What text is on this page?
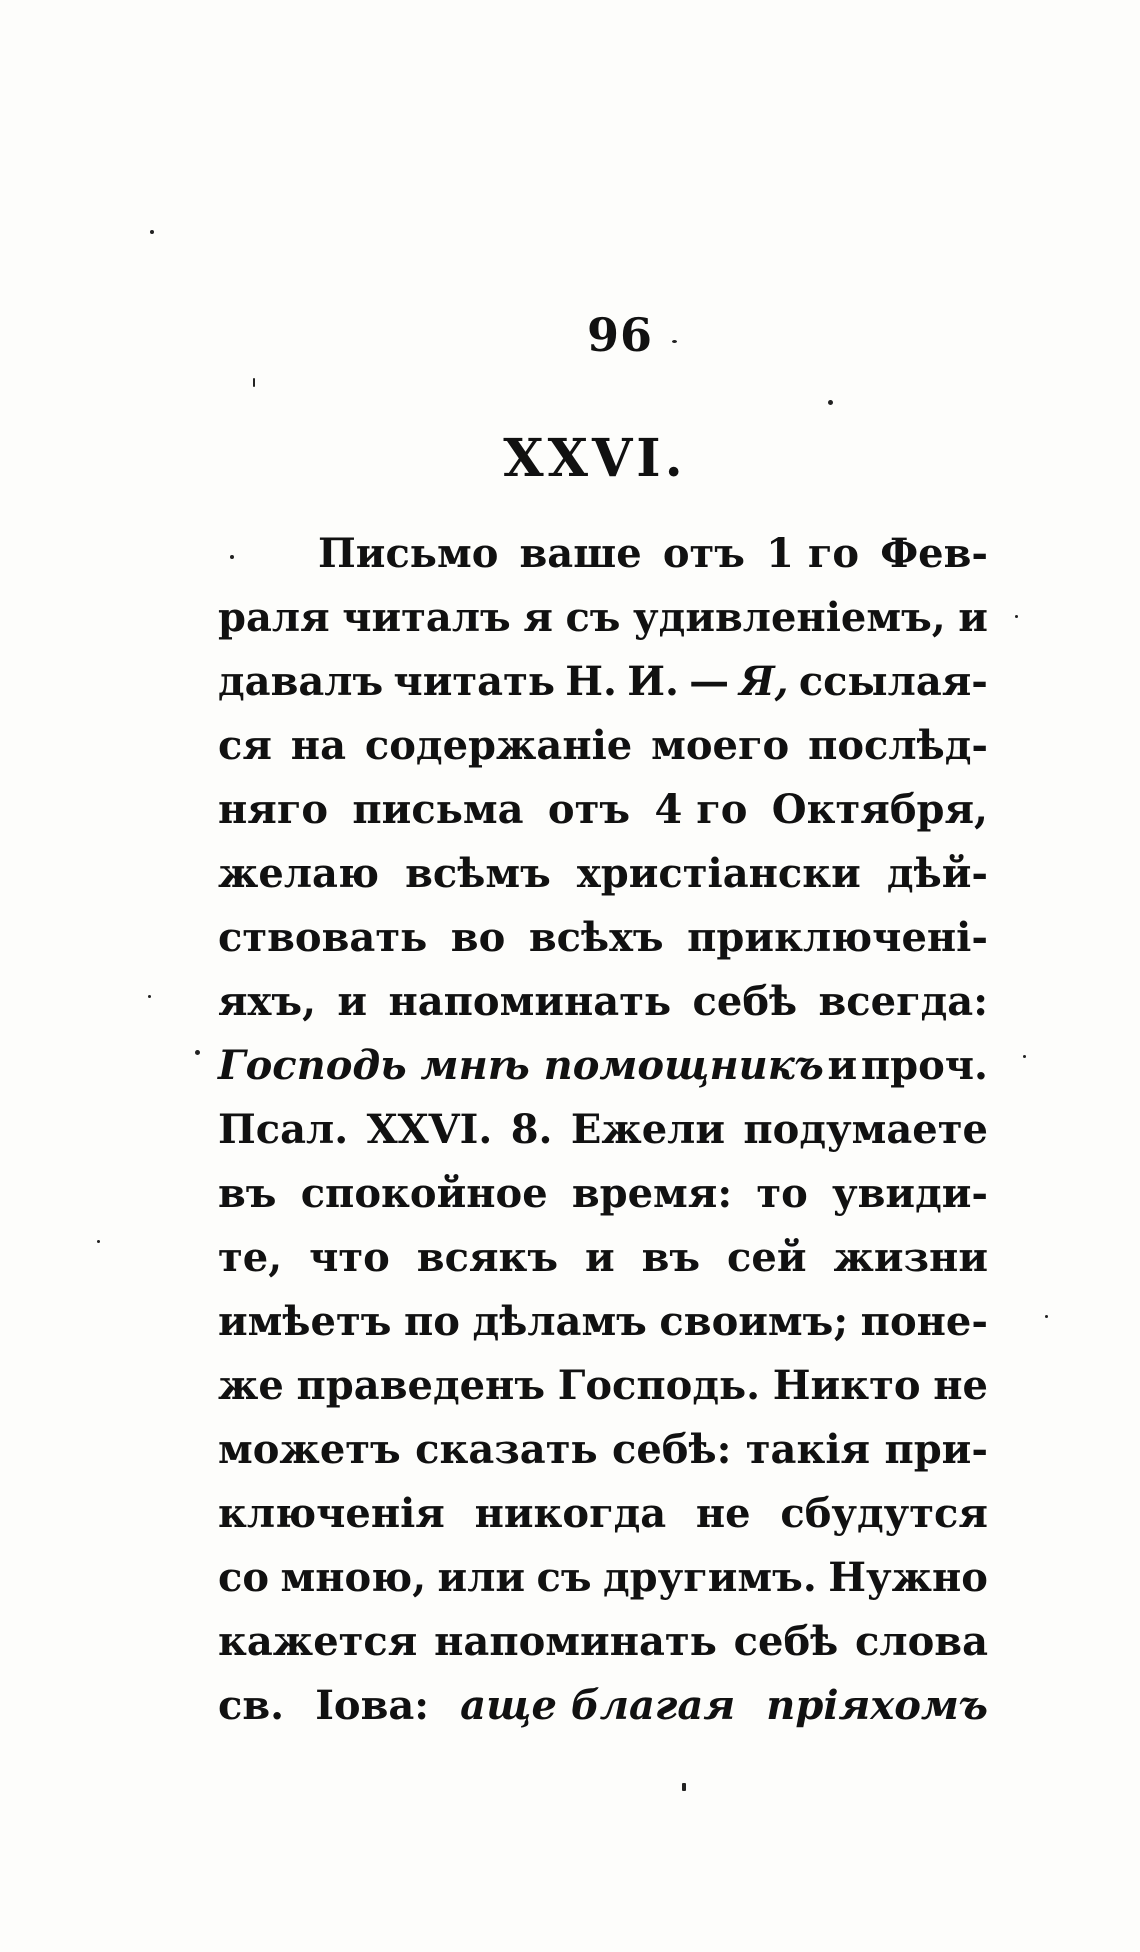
96
XXVI.
Письмо ваше отъ 1 го Фев-
раля читалъ я съ удивленіемъ, и
давалъ читать Н. И. — Я, ссылая-
ся на содержаніе моего послѣд-
няго письма отъ 4 го Октября,
желаю всѣмъ христіански дѣй-
ствовать во всѣхъ приключені-
яхъ, и напоминать себѣ всегда:
Господь мнѣ помощникъ и проч.
Псал. XXVI. 8. Ежели подумаете
въ спокойное время: то увиди-
те, что всякъ и въ сей жизни
имѣетъ по дѣламъ своимъ; поне-
же праведенъ Господь. Никто не
можетъ сказать себѣ: такія при-
ключенія никогда не сбудутся
со мною, или съ другимъ. Нужно
кажется напоминать себѣ слова
св. Іова: аще благая пріяхомъ
